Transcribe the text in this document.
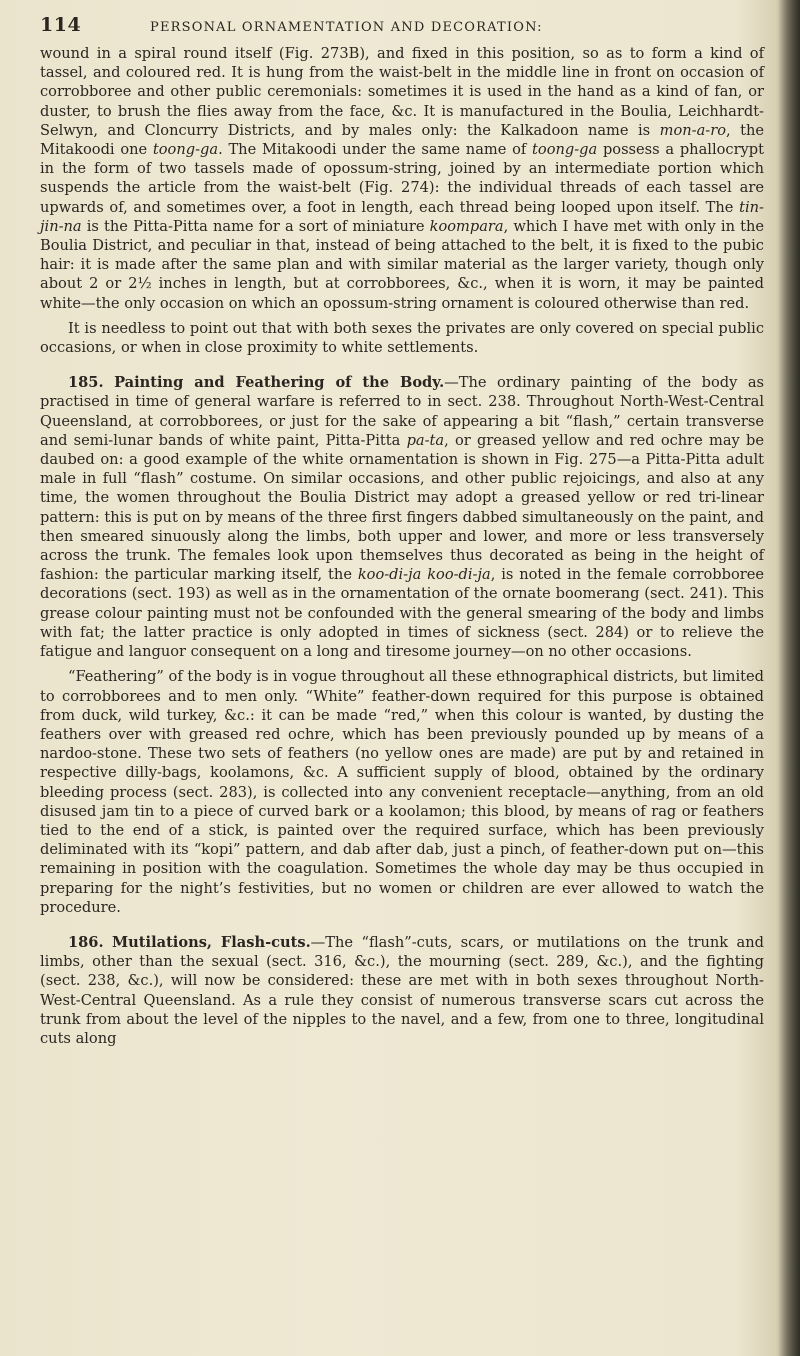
114	PERSONAL ORNAMENTATION AND DECORATION:

wound in a spiral round itself (Fig. 273B), and fixed in this position, so as to form a kind of tassel, and coloured red. It is hung from the waist-belt in the middle line in front on occasion of corrobboree and other public ceremonials: sometimes it is used in the hand as a kind of fan, or duster, to brush the flies away from the face, &c. It is manufactured in the Boulia, Leichhardt-Selwyn, and Cloncurry Districts, and by males only: the Kalkadoon name is mon-a-ro, the Mitakoodi one toong-ga. The Mitakoodi under the same name of toong-ga possess a phallocrypt in the form of two tassels made of opossum-string, joined by an intermediate portion which suspends the article from the waist-belt (Fig. 274): the individual threads of each tassel are upwards of, and sometimes over, a foot in length, each thread being looped upon itself. The tin-jin-na is the Pitta-Pitta name for a sort of miniature koompara, which I have met with only in the Boulia District, and peculiar in that, instead of being attached to the belt, it is fixed to the pubic hair: it is made after the same plan and with similar material as the larger variety, though only about 2 or 2½ inches in length, but at corrobborees, &c., when it is worn, it may be painted white—the only occasion on which an opossum-string ornament is coloured otherwise than red.

It is needless to point out that with both sexes the privates are only covered on special public occasions, or when in close proximity to white settlements.

185. Painting and Feathering of the Body.—The ordinary painting of the body as practised in time of general warfare is referred to in sect. 238. Throughout North-West-Central Queensland, at corrobborees, or just for the sake of appearing a bit “flash,” certain transverse and semi-lunar bands of white paint, Pitta-Pitta pa-ta, or greased yellow and red ochre may be daubed on: a good example of the white ornamentation is shown in Fig. 275—a Pitta-Pitta adult male in full “flash” costume. On similar occasions, and other public rejoicings, and also at any time, the women throughout the Boulia District may adopt a greased yellow or red tri-linear pattern: this is put on by means of the three first fingers dabbed simultaneously on the paint, and then smeared sinuously along the limbs, both upper and lower, and more or less transversely across the trunk. The females look upon themselves thus decorated as being in the height of fashion: the particular marking itself, the koo-di-ja koo-di-ja, is noted in the female corrobboree decorations (sect. 193) as well as in the ornamentation of the ornate boomerang (sect. 241). This grease colour painting must not be confounded with the general smearing of the body and limbs with fat; the latter practice is only adopted in times of sickness (sect. 284) or to relieve the fatigue and languor consequent on a long and tiresome journey—on no other occasions.

“Feathering” of the body is in vogue throughout all these ethnographical districts, but limited to corrobborees and to men only. “White” feather-down required for this purpose is obtained from duck, wild turkey, &c.: it can be made “red,” when this colour is wanted, by dusting the feathers over with greased red ochre, which has been previously pounded up by means of a nardoo-stone. These two sets of feathers (no yellow ones are made) are put by and retained in respective dilly-bags, koolamons, &c. A sufficient supply of blood, obtained by the ordinary bleeding process (sect. 283), is collected into any convenient receptacle—anything, from an old disused jam tin to a piece of curved bark or a koolamon; this blood, by means of rag or feathers tied to the end of a stick, is painted over the required surface, which has been previously deliminated with its “kopi” pattern, and dab after dab, just a pinch, of feather-down put on—this remaining in position with the coagulation. Sometimes the whole day may be thus occupied in preparing for the night’s festivities, but no women or children are ever allowed to watch the procedure.

186. Mutilations, Flash-cuts.—The “flash”-cuts, scars, or mutilations on the trunk and limbs, other than the sexual (sect. 316, &c.), the mourning (sect. 289, &c.), and the fighting (sect. 238, &c.), will now be considered: these are met with in both sexes throughout North-West-Central Queensland. As a rule they consist of numerous transverse scars cut across the trunk from about the level of the nipples to the navel, and a few, from one to three, longitudinal cuts along
